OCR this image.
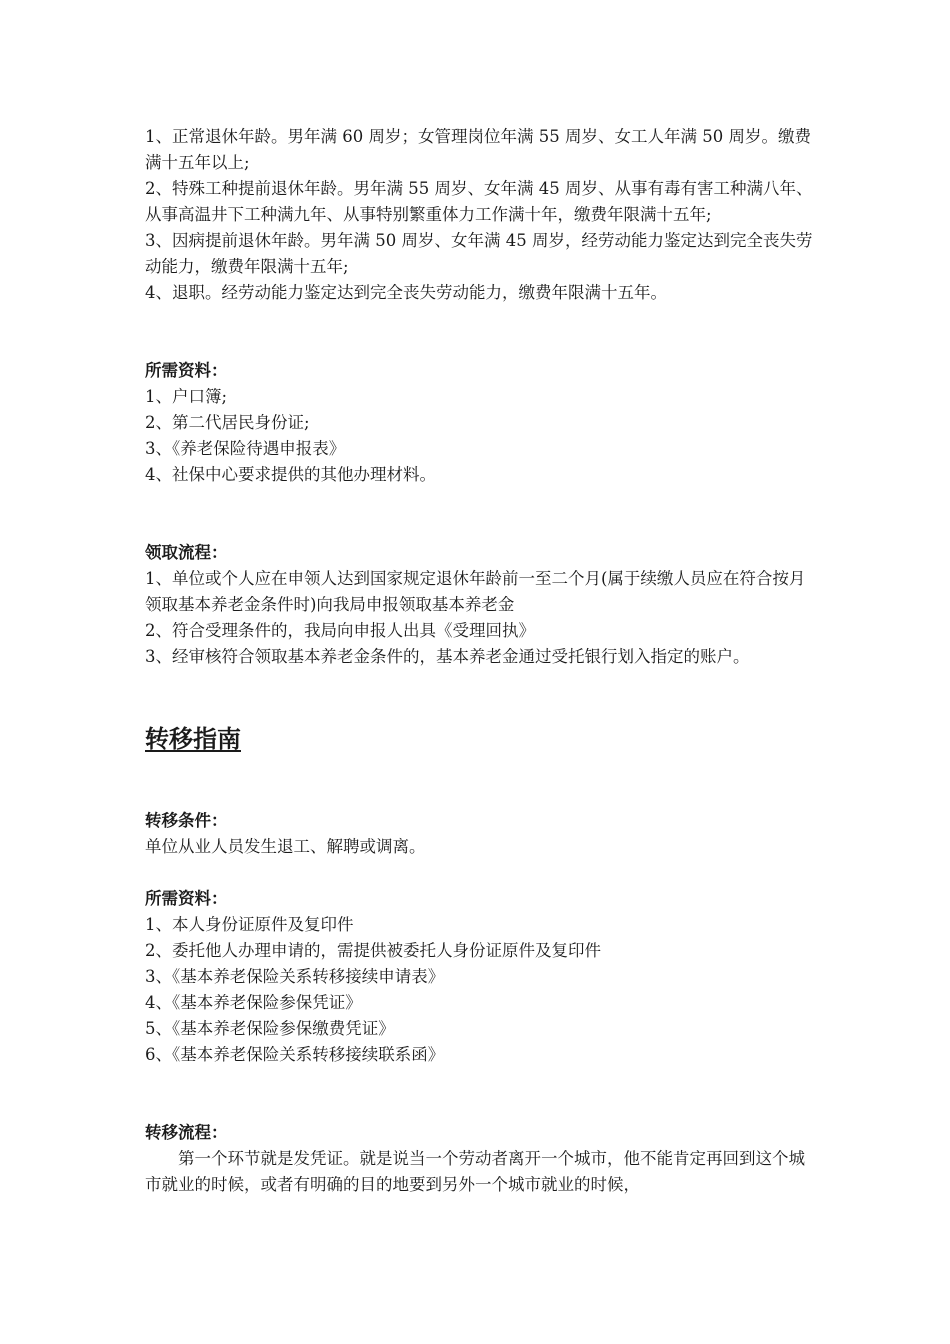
1、正常退休年龄。男年满 60 周岁；女管理岗位年满 55 周岁、女工人年满 50 周岁。缴费满十五年以上;

2、特殊工种提前退休年龄。男年满 55 周岁、女年满 45 周岁、从事有毒有害工种满八年、从事高温井下工种满九年、从事特别繁重体力工作满十年，缴费年限满十五年;

3、因病提前退休年龄。男年满 50 周岁、女年满 45 周岁，经劳动能力鉴定达到完全丧失劳动能力，缴费年限满十五年;

4、退职。经劳动能力鉴定达到完全丧失劳动能力，缴费年限满十五年。

所需资料：

1、户口簿;

2、第二代居民身份证;

3、《养老保险待遇申报表》

4、社保中心要求提供的其他办理材料。

领取流程：

1、单位或个人应在申领人达到国家规定退休年龄前一至二个月(属于续缴人员应在符合按月领取基本养老金条件时)向我局申报领取基本养老金

2、符合受理条件的，我局向申报人出具《受理回执》

3、经审核符合领取基本养老金条件的，基本养老金通过受托银行划入指定的账户。

转移指南

转移条件：

单位从业人员发生退工、解聘或调离。

所需资料：

1、本人身份证原件及复印件

2、委托他人办理申请的，需提供被委托人身份证原件及复印件

3、《基本养老保险关系转移接续申请表》

4、《基本养老保险参保凭证》

5、《基本养老保险参保缴费凭证》

6、《基本养老保险关系转移接续联系函》

转移流程：

第一个环节就是发凭证。就是说当一个劳动者离开一个城市，他不能肯定再回到这个城市就业的时候，或者有明确的目的地要到另外一个城市就业的时候，
